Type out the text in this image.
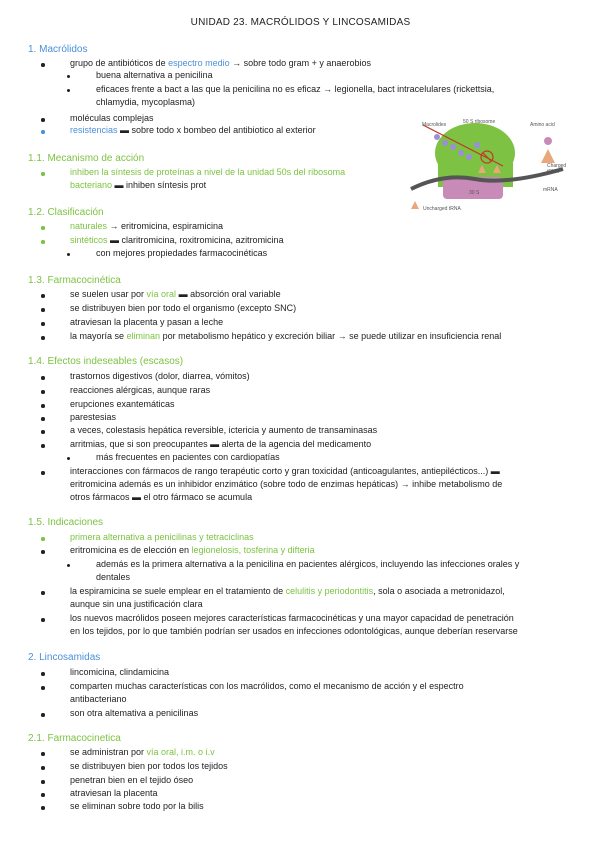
UNIDAD 23. MACRÓLIDOS Y LINCOSAMIDAS
1. Macrólidos
grupo de antibióticos de espectro medio → sobre todo gram + y anaerobios
buena alternativa a penicilina
eficaces frente a bact a las que la penicilina no es eficaz → legionella, bact intracelulares (rickettsia,
chlamydia, mycoplasma)
moléculas complejas
resistencias ▬ sobre todo x bombeo del antibiotico al exterior	Macrolides	50 S ribosome	Amino acid
Charged
tRNA
mRNA
30 S
Uncharged tRNA
1.1. Mecanismo de acción
inhiben la síntesis de proteínas a nivel de la unidad 50s del ribosoma
bacteriano ▬ inhiben síntesis prot
1.2. Clasificación
naturales → eritromicina, espiramicina
sintéticos ▬ claritromicina, roxitromicina, azitromicina
con mejores propiedades farmacocinéticas
1.3. Farmacocinética
se suelen usar por vía oral ▬ absorción oral variable
se distribuyen bien por todo el organismo (excepto SNC)
atraviesan la placenta y pasan a leche
la mayoría se eliminan por metabolismo hepático y excreción biliar → se puede utilizar en insuficiencia renal
1.4. Efectos indeseables (escasos)
trastornos digestivos (dolor, diarrea, vómitos)
reacciones alérgicas, aunque raras
erupciones exantemáticas
parestesias
a veces, colestasis hepática reversible, ictericia y aumento de transaminasas
arritmias, que si son preocupantes ▬ alerta de la agencia del medicamento
más frecuentes en pacientes con cardiopatías
interacciones con fármacos de rango terapéutic corto y gran toxicidad (anticoagulantes, antiepilécticos...) ▬
eritromicina además es un inhibidor enzimático (sobre todo de enzimas hepáticas) → inhibe metabolismo de
otros fármacos ▬ el otro fármaco se acumula
1.5. Indicaciones
primera alternativa a penicilinas y tetraciclinas
eritromicina es de elección en legionelosis, tosferina y difteria
además es la primera alternativa a la penicilina en pacientes alérgicos, incluyendo las infecciones orales y
dentales
la espiramicina se suele emplear en el tratamiento de celulitis y periodontitis, sola o asociada a metronidazol,
aunque sin una justificación clara
los nuevos macrólidos poseen mejores características farmacocinéticas y una mayor capacidad de penetración
en los tejidos, por lo que también podrían ser usados en infecciones odontológicas, aunque deberían reservarse
2. Lincosamidas
lincomicina, clindamicina
comparten muchas características con los macrólidos, como el mecanismo de acción y el espectro
antibacteriano
son otra altemativa a penicilinas
2.1. Farmacocinetica
se administran por vía oral, i.m. o i.v
se distribuyen bien por todos los tejidos
penetran bien en el tejido óseo
atraviesan la placenta
se eliminan sobre todo por la bilis
